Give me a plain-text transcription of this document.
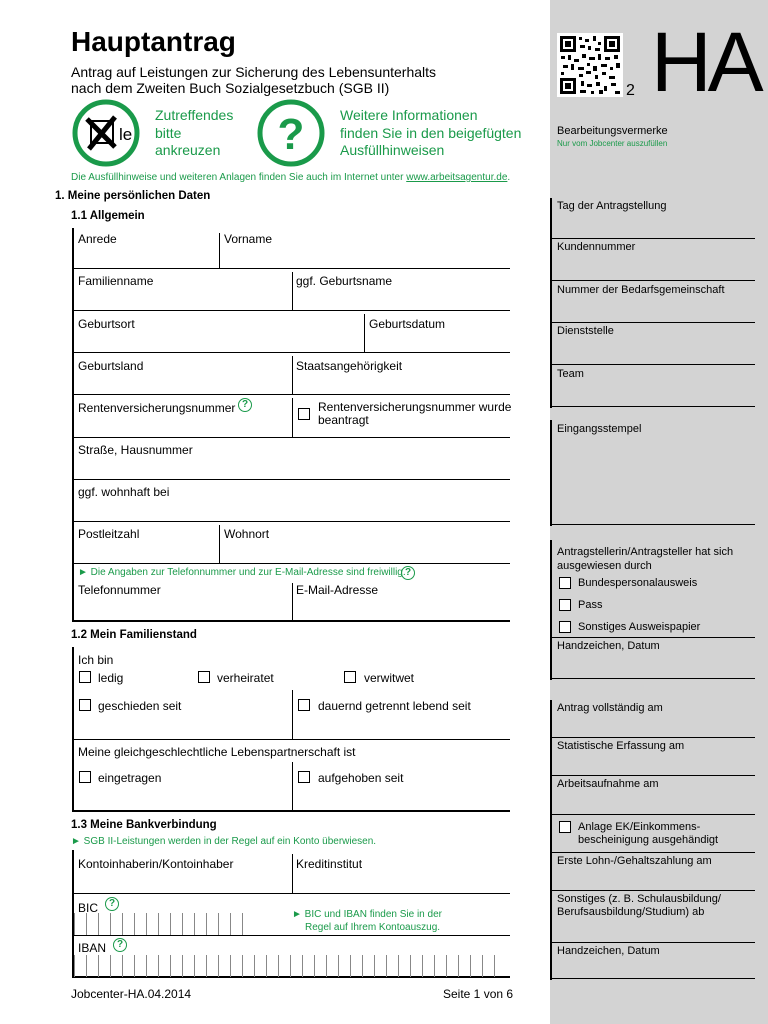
Hauptantrag
Antrag auf Leistungen zur Sicherung des Lebensunterhalts
nach dem Zweiten Buch Sozialgesetzbuch (SGB II)	2 HA
le
Zutreffendes
bitte
ankreuzen ?	Weitere Informationen
finden Sie in den beigefügten
Ausfüllhinweisen
Die Ausfüllhinweise und weiteren Anlagen finden Sie auch im Internet unter www.arbeitsagentur.de.
1. Meine persönlichen Daten
1.1 Allgemein
Anrede	Vorname
Familienname	ggf. Geburtsname
Geburtsort	Geburtsdatum
Geburtsland	Staatsangehörigkeit
Rentenversicherungsnummer ?	Rentenversicherungsnummer wurde
beantragt
Straße, Hausnummer
ggf. wohnhaft bei
Postleitzahl	Wohnort
► Die Angaben zur Telefonnummer und zur E-Mail-Adresse sind freiwillig. ?
Telefonnummer	E-Mail-Adresse
1.2 Mein Familienstand
Ich bin
ledig	verheiratet	verwitwet
geschieden seit	dauernd getrennt lebend seit
Meine gleichgeschlechtliche Lebenspartnerschaft ist
eingetragen	aufgehoben seit
1.3 Meine Bankverbindung
► SGB II-Leistungen werden in der Regel auf ein Konto überwiesen.
Kontoinhaberin/Kontoinhaber	Kreditinstitut
BIC	?
► BIC und IBAN finden Sie in der
Regel auf Ihrem Kontoauszug.
IBAN	?
Jobcenter-HA.04.2014	Seite 1 von 6
Bearbeitungsvermerke
Nur vom Jobcenter auszufüllen
Tag der Antragstellung
Kundennummer
Nummer der Bedarfsgemeinschaft
Dienststelle
Team
Eingangsstempel
Antragstellerin/Antragsteller hat sich
ausgewiesen durch
Bundespersonalausweis
Pass
Sonstiges Ausweispapier
Handzeichen, Datum
Antrag vollständig am
Statistische Erfassung am
Arbeitsaufnahme am
Anlage EK/Einkommens-
bescheinigung ausgehändigt
Erste Lohn-/Gehaltszahlung am
Sonstiges (z. B. Schulausbildung/
Berufsausbildung/Studium) ab
Handzeichen, Datum
